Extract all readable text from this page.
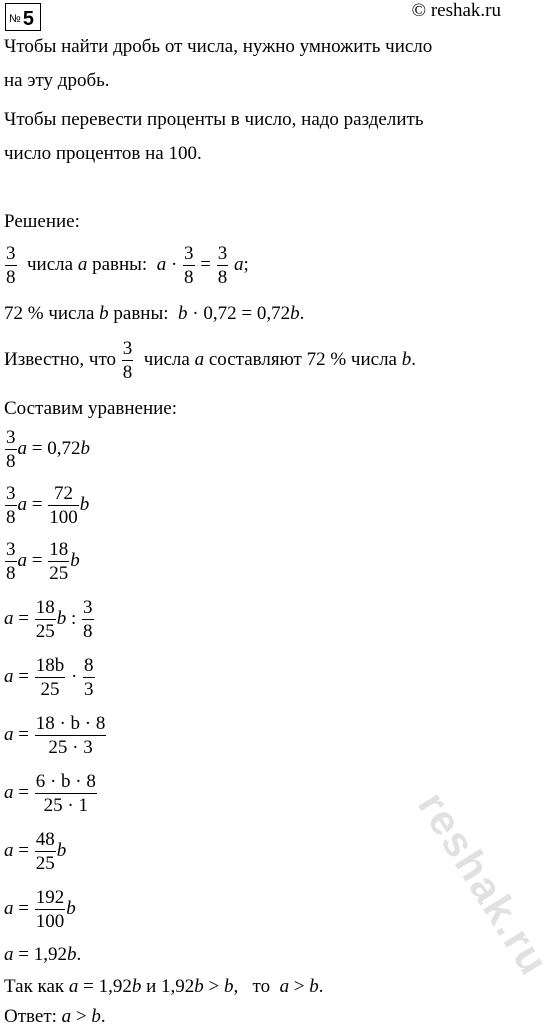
№ 5	© reshak.ru
Чтобы найти дробь от числа, нужно умножить число
на эту дробь.
Чтобы перевести проценты в число, надо разделить
число процентов на 100.
Решение:
$\frac{3}{8}$ числа a равны:  $a \cdot \frac{3}{8} = \frac{3}{8} a$;
72 % числа b равны:  b · 0,72 = 0,72b.
Известно, что $\frac{3}{8}$ числа a составляют 72 % числа b.
Составим уравнение:
$\frac{3}{8}$ a = 0,72b
$\frac{3}{8}$ $a = \frac{72}{100}$ b
$\frac{3}{8}$ $a = \frac{18}{25}$ b
$a = \frac{18}{25}$ b : $\frac{3}{8}$
$a = \frac{18b}{25} \cdot \frac{8}{3}$
$a = \frac{18 \cdot b \cdot 8}{25 \cdot 3}$
$a = \frac{6 \cdot b \cdot 8}{25 \cdot 1}$
$a = \frac{48}{25}$ b
$a = \frac{192}{100}$ b
a = 1,92b.
Так как a = 1,92b и 1,92b > b,   то  a > b.
Ответ: a > b.
reshak.ru
